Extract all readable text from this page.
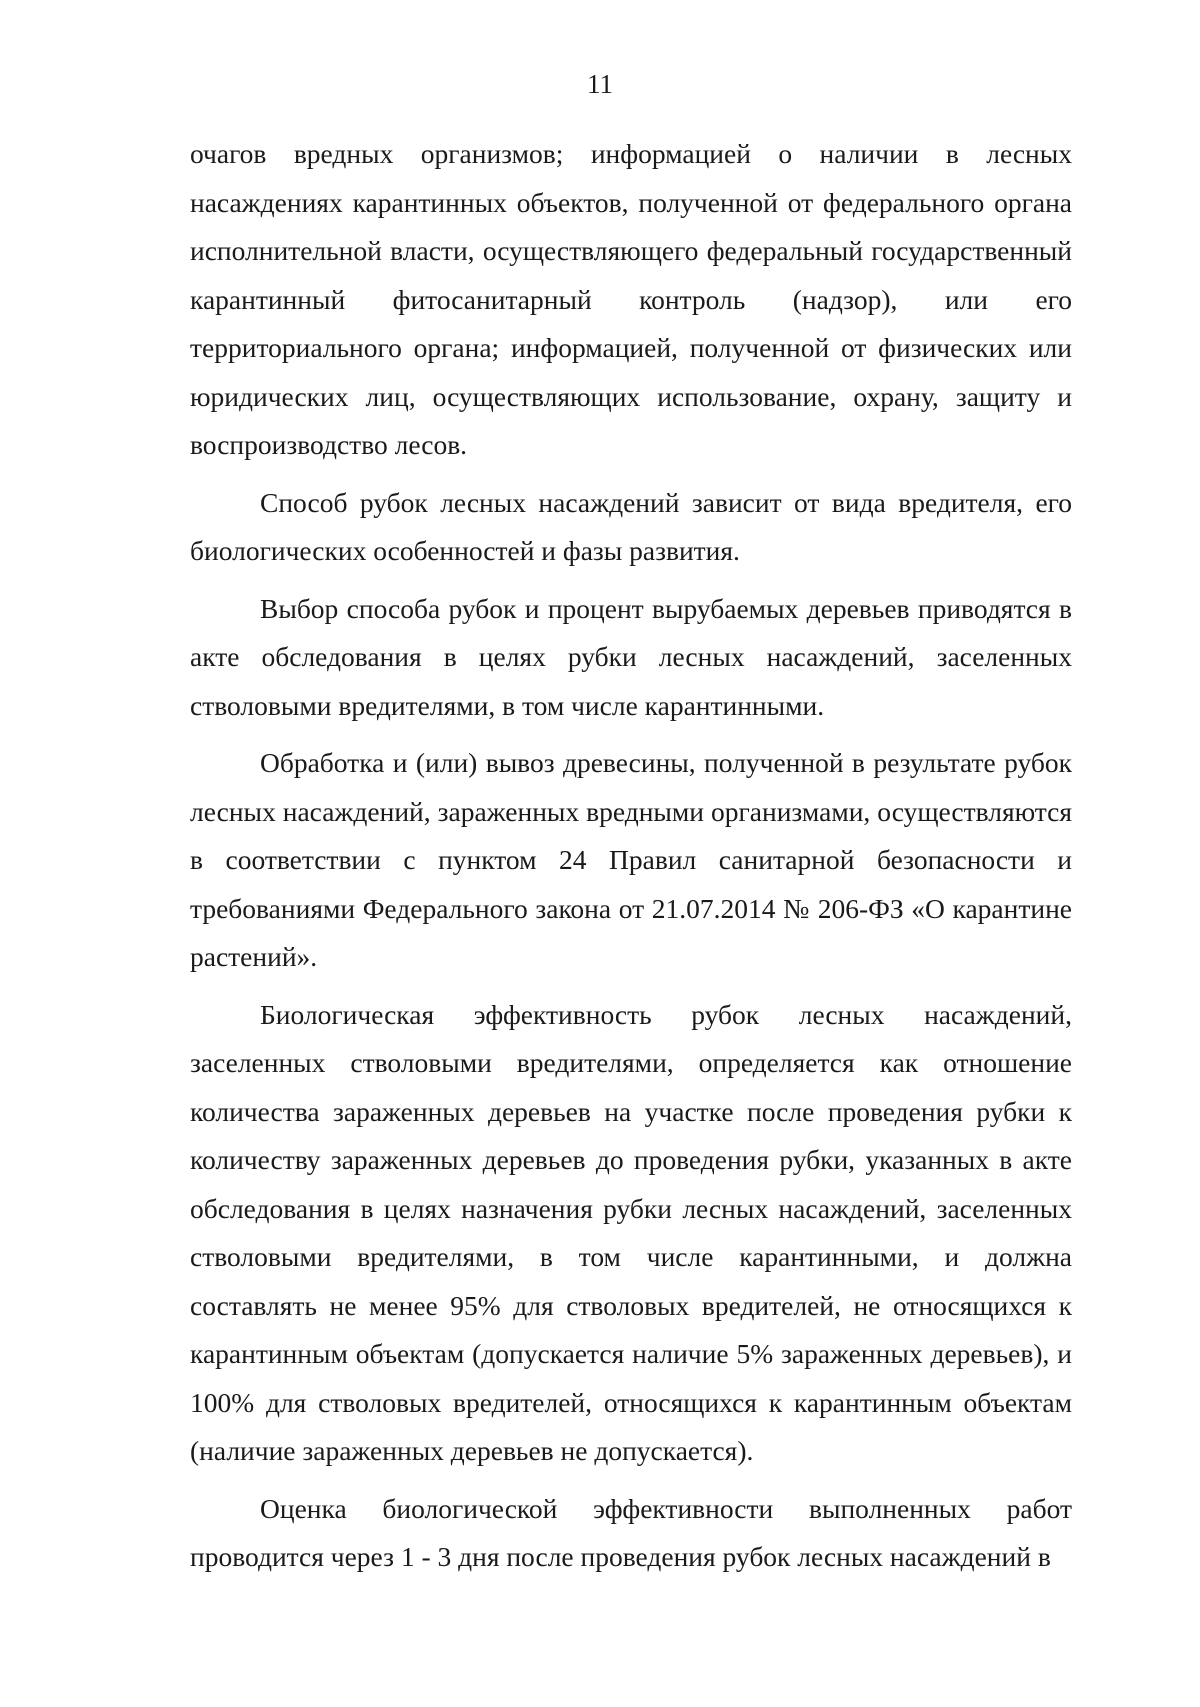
11

очагов вредных организмов; информацией о наличии в лесных насаждениях карантинных объектов, полученной от федерального органа исполнительной власти, осуществляющего федеральный государственный карантинный фитосанитарный контроль (надзор), или его территориального органа; информацией, полученной от физических или юридических лиц, осуществляющих использование, охрану, защиту и воспроизводство лесов.

Способ рубок лесных насаждений зависит от вида вредителя, его биологических особенностей и фазы развития.

Выбор способа рубок и процент вырубаемых деревьев приводятся в акте обследования в целях рубки лесных насаждений, заселенных стволовыми вредителями, в том числе карантинными.

Обработка и (или) вывоз древесины, полученной в результате рубок лесных насаждений, зараженных вредными организмами, осуществляются в соответствии с пунктом 24 Правил санитарной безопасности и требованиями Федерального закона от 21.07.2014 № 206-ФЗ «О карантине растений».

Биологическая эффективность рубок лесных насаждений, заселенных стволовыми вредителями, определяется как отношение количества зараженных деревьев на участке после проведения рубки к количеству зараженных деревьев до проведения рубки, указанных в акте обследования в целях назначения рубки лесных насаждений, заселенных стволовыми вредителями, в том числе карантинными, и должна составлять не менее 95% для стволовых вредителей, не относящихся к карантинным объектам (допускается наличие 5% зараженных деревьев), и 100% для стволовых вредителей, относящихся к карантинным объектам (наличие зараженных деревьев не допускается).

Оценка биологической эффективности выполненных работ проводится через 1 - 3 дня после проведения рубок лесных насаждений в
